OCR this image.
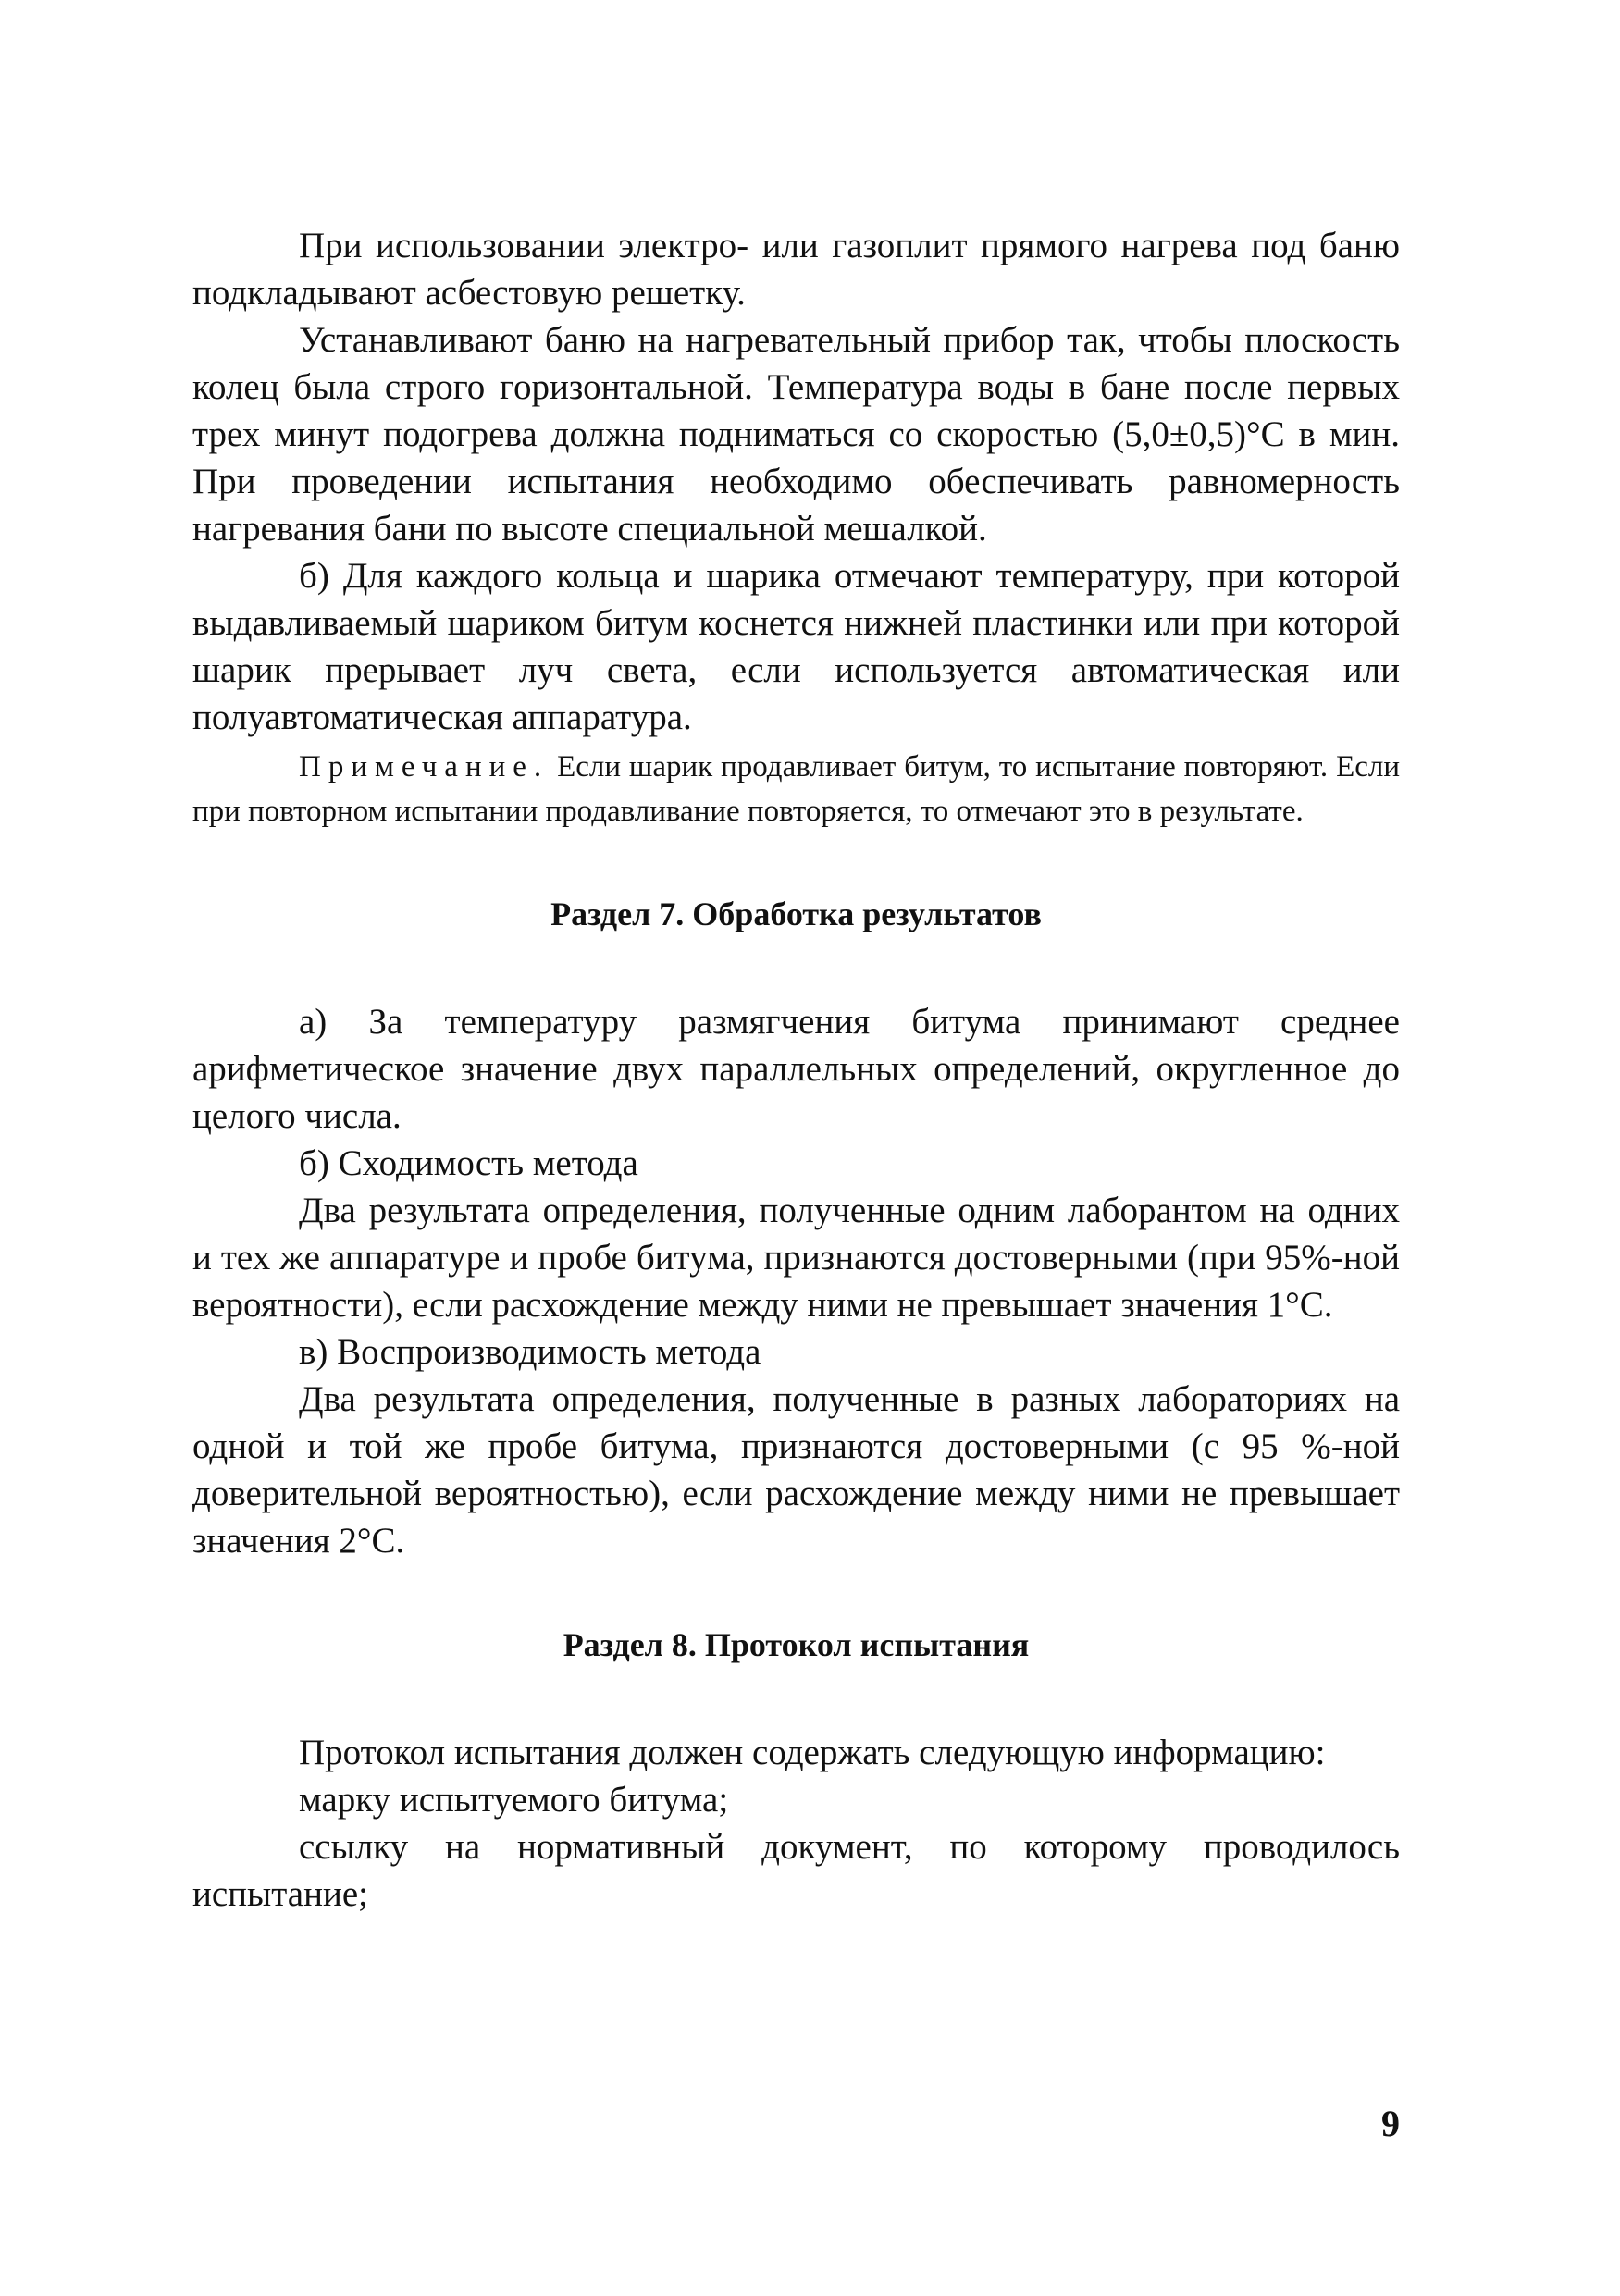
При использовании электро- или газоплит прямого нагрева под баню подкладывают асбестовую решетку.

Устанавливают баню на нагревательный прибор так, чтобы плоскость колец была строго горизонтальной. Температура воды в бане после первых трех минут подогрева должна подниматься со скоростью (5,0±0,5)°С в мин. При проведении испытания необходимо обеспечивать равномерность нагревания бани по высоте специальной мешалкой.

б) Для каждого кольца и шарика отмечают температуру, при которой выдавливаемый шариком битум коснется нижней пластинки или при которой шарик прерывает луч света, если используется автоматическая или полуавтоматическая аппаратура.

Примечание. Если шарик продавливает битум, то испытание повторяют. Если при повторном испытании продавливание повторяется, то отмечают это в результате.

Раздел 7. Обработка результатов

а) За температуру размягчения битума принимают среднее арифметическое значение двух параллельных определений, округленное до целого числа.

б) Сходимость метода

Два результата определения, полученные одним лаборантом на одних и тех же аппаратуре и пробе битума, признаются достоверными (при 95%-ной вероятности), если расхождение между ними не превышает значения 1°С.

в) Воспроизводимость метода

Два результата определения, полученные в разных лабораториях на одной и той же пробе битума, признаются достоверными (с 95 %-ной доверительной вероятностью), если расхождение между ними не превышает значения 2°С.

Раздел 8. Протокол испытания

Протокол испытания должен содержать следующую информацию:

марку испытуемого битума;

ссылку на нормативный документ, по которому проводилось испытание;

9
